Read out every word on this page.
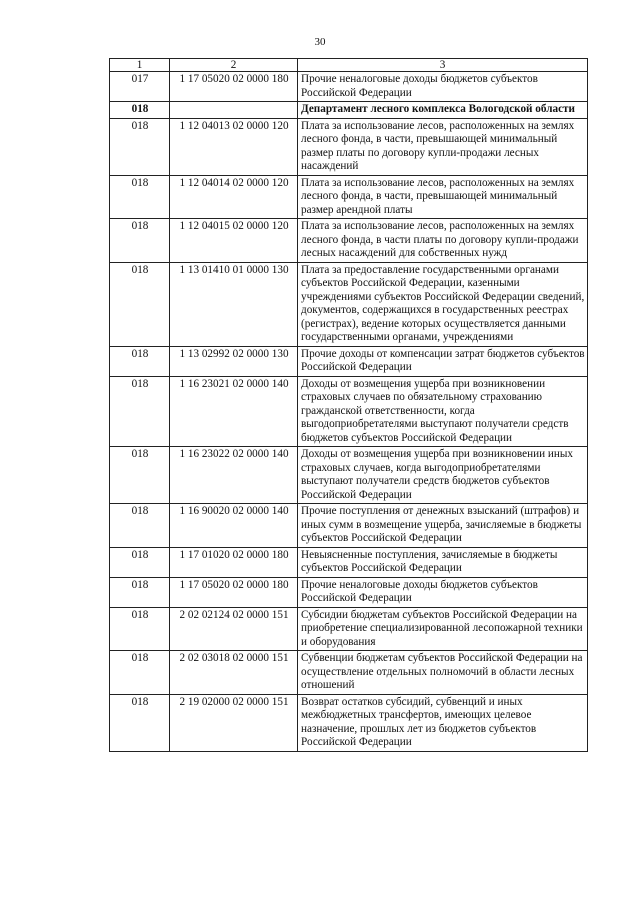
30
1	2	3
017	1 17 05020 02 0000 180	Прочие неналоговые доходы бюджетов субъектов Российской Федерации
018		Департамент лесного комплекса Вологодской области
018	1 12 04013 02 0000 120	Плата за использование лесов, расположенных на землях лесного фонда, в части, превышающей минимальный размер платы по договору купли-продажи лесных насаждений
018	1 12 04014 02 0000 120	Плата за использование лесов, расположенных на землях лесного фонда, в части, превышающей минимальный размер арендной платы
018	1 12 04015 02 0000 120	Плата за использование лесов, расположенных на землях лесного фонда, в части платы по договору купли-продажи лесных насаждений для собственных нужд
018	1 13 01410 01 0000 130	Плата за предоставление государственными органами субъектов Российской Федерации, казенными учреждениями субъектов Российской Федерации сведений, документов, содержащихся в государственных реестрах (регистрах), ведение которых осуществляется данными государственными органами, учреждениями
018	1 13 02992 02 0000 130	Прочие доходы от компенсации затрат бюджетов субъектов Российской Федерации
018	1 16 23021 02 0000 140	Доходы от возмещения ущерба при возникновении страховых случаев по обязательному страхованию гражданской ответственности, когда выгодоприобретателями выступают получатели средств бюджетов субъектов Российской Федерации
018	1 16 23022 02 0000 140	Доходы от возмещения ущерба при возникновении иных страховых случаев, когда выгодоприобретателями выступают получатели средств бюджетов субъектов Российской Федерации
018	1 16 90020 02 0000 140	Прочие поступления от денежных взысканий (штрафов) и иных сумм в возмещение ущерба, зачисляемые в бюджеты субъектов Российской Федерации
018	1 17 01020 02 0000 180	Невыясненные поступления, зачисляемые в бюджеты субъектов Российской Федерации
018	1 17 05020 02 0000 180	Прочие неналоговые доходы бюджетов субъектов Российской Федерации
018	2 02 02124 02 0000 151	Субсидии бюджетам субъектов Российской Федерации на приобретение специализированной лесопожарной техники и оборудования
018	2 02 03018 02 0000 151	Субвенции бюджетам субъектов Российской Федерации на осуществление отдельных полномочий в области лесных отношений
018	2 19 02000 02 0000 151	Возврат остатков субсидий, субвенций и иных межбюджетных трансфертов, имеющих целевое назначение, прошлых лет из бюджетов субъектов Российской Федерации
